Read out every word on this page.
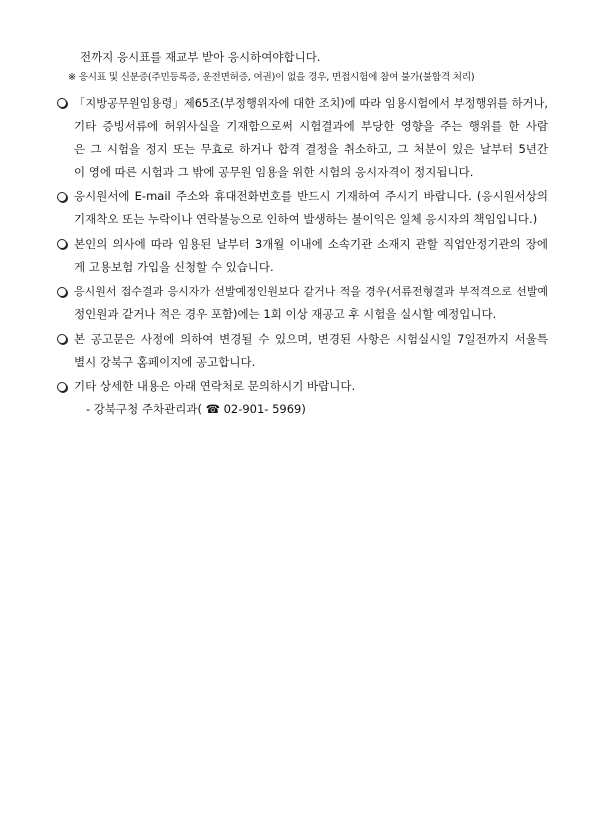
전까지 응시표를 재교부 받아 응시하여야합니다.
※ 응시표 및 신분증(주민등록증, 운전면허증, 여권)이 없을 경우, 면접시험에 참여 불가(불합격 처리)
「지방공무원임용령」제65조(부정행위자에 대한 조치)에 따라 임용시험에서 부정행위를 하거나,
기타 증빙서류에 허위사실을 기재함으로써 시험결과에 부당한 영향을 주는 행위를 한 사람
은 그 시험을 정지 또는 무효로 하거나 합격 결정을 취소하고, 그 처분이 있은 날부터 5년간
이 영에 따른 시험과 그 밖에 공무원 임용을 위한 시험의 응시자격이 정지됩니다.
응시원서에 E-mail 주소와 휴대전화번호를 반드시 기재하여 주시기 바랍니다. (응시원서상의
기재착오 또는 누락이나 연락불능으로 인하여 발생하는 불이익은 일체 응시자의 책임입니다.)
본인의 의사에 따라 임용된 날부터 3개월 이내에 소속기관 소재지 관할 직업안정기관의 장에
게 고용보험 가입을 신청할 수 있습니다.
응시원서 접수결과 응시자가 선발예정인원보다 같거나 적을 경우(서류전형결과 부적격으로 선발예
정인원과 같거나 적은 경우 포함)에는 1회 이상 재공고 후 시험을 실시할 예정입니다.
본 공고문은 사정에 의하여 변경될 수 있으며, 변경된 사항은 시험실시일 7일전까지 서울특
별시 강북구 홈페이지에 공고합니다.
기타 상세한 내용은 아래 연락처로 문의하시기 바랍니다.
- 강북구청 주차관리과( ☎ 02-901- 5969)
